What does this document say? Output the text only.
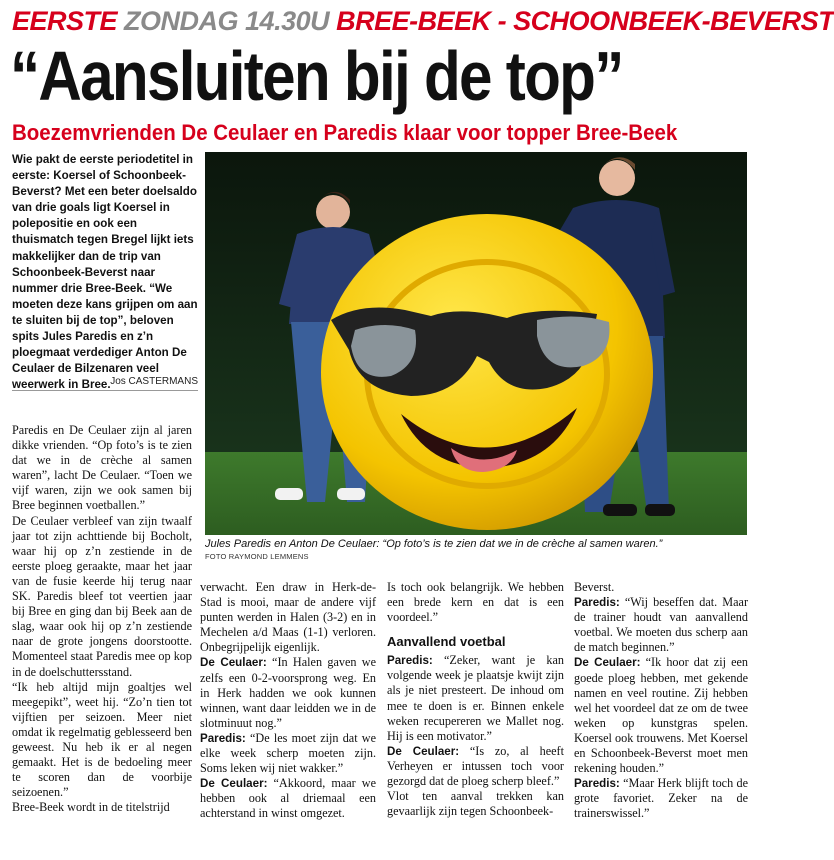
EERSTE ZONDAG 14.30U BREE-BEEK - SCHOONBEEK-BEVERST
“Aansluiten bij de top”
Boezemvrienden De Ceulaer en Paredis klaar voor topper Bree-Beek
Wie pakt de eerste periodetitel in eerste: Koersel of Schoonbeek-Beverst? Met een beter doelsaldo van drie goals ligt Koersel in polepositie en ook een thuismatch tegen Bregel lijkt iets makkelijker dan de trip van Schoonbeek-Beverst naar nummer drie Bree-Beek. “We moeten deze kans grijpen om aan te sluiten bij de top”, beloven spits Jules Paredis en z’n ploegmaat verdediger Anton De Ceulaer de Bilzenaren veel weerwerk in Bree. Jos CASTERMANS
Jules Paredis en Anton De Ceulaer: “Op foto’s is te zien dat we in de crèche al samen waren.”
FOTO RAYMOND LEMMENS

Paredis en De Ceulaer zijn al jaren dikke vrienden. “Op foto’s is te zien dat we in de crèche al samen waren”, lacht De Ceulaer. “Toen we vijf waren, zijn we ook samen bij Bree beginnen voetballen.”

De Ceulaer verbleef van zijn twaalf jaar tot zijn achttiende bij Bocholt, waar hij op z’n zestiende in de eerste ploeg geraakte, maar het jaar van de fusie keerde hij terug naar SK. Paredis bleef tot veertien jaar bij Bree en ging dan bij Beek aan de slag, waar ook hij op z’n zestiende naar de grote jongens doorstootte. Momenteel staat Paredis mee op kop in de doelschuttersstand.

“Ik heb altijd mijn goaltjes wel meegepikt”, weet hij. “Zo’n tien tot vijftien per seizoen. Meer niet omdat ik regelmatig geblesseerd ben geweest. Nu heb ik er al negen gemaakt. Het is de bedoeling meer te scoren dan de voorbije seizoenen.”

Bree-Beek wordt in de titelstrijd

verwacht. Een draw in Herk-de-Stad is mooi, maar de andere vijf punten werden in Halen (3-2) en in Mechelen a/d Maas (1-1) verloren. Onbegrijpelijk eigenlijk.

De Ceulaer: “In Halen gaven we zelfs een 0-2-voorsprong weg. En in Herk hadden we ook kunnen winnen, want daar leidden we in de slotminuut nog.”

Paredis: “De les moet zijn dat we elke week scherp moeten zijn. Soms leken wij niet wakker.”

De Ceulaer: “Akkoord, maar we hebben ook al driemaal een achterstand in winst omgezet.

Is toch ook belangrijk. We hebben een brede kern en dat is een voordeel.”

Aanvallend voetbal

Paredis: “Zeker, want je kan volgende week je plaatsje kwijt zijn als je niet presteert. De inhoud om mee te doen is er. Binnen enkele weken recupereren we Mallet nog. Hij is een motivator.”

De Ceulaer: “Is zo, al heeft Verheyen er intussen toch voor gezorgd dat de ploeg scherp bleef.”

Vlot ten aanval trekken kan gevaarlijk zijn tegen Schoonbeek-

Beverst.

Paredis: “Wij beseffen dat. Maar de trainer houdt van aanvallend voetbal. We moeten dus scherp aan de match beginnen.”

De Ceulaer: “Ik hoor dat zij een goede ploeg hebben, met gekende namen en veel routine. Zij hebben wel het voordeel dat ze om de twee weken op kunstgras spelen. Koersel ook trouwens. Met Koersel en Schoonbeek-Beverst moet men rekening houden.”

Paredis: “Maar Herk blijft toch de grote favoriet. Zeker na de trainerswissel.”
